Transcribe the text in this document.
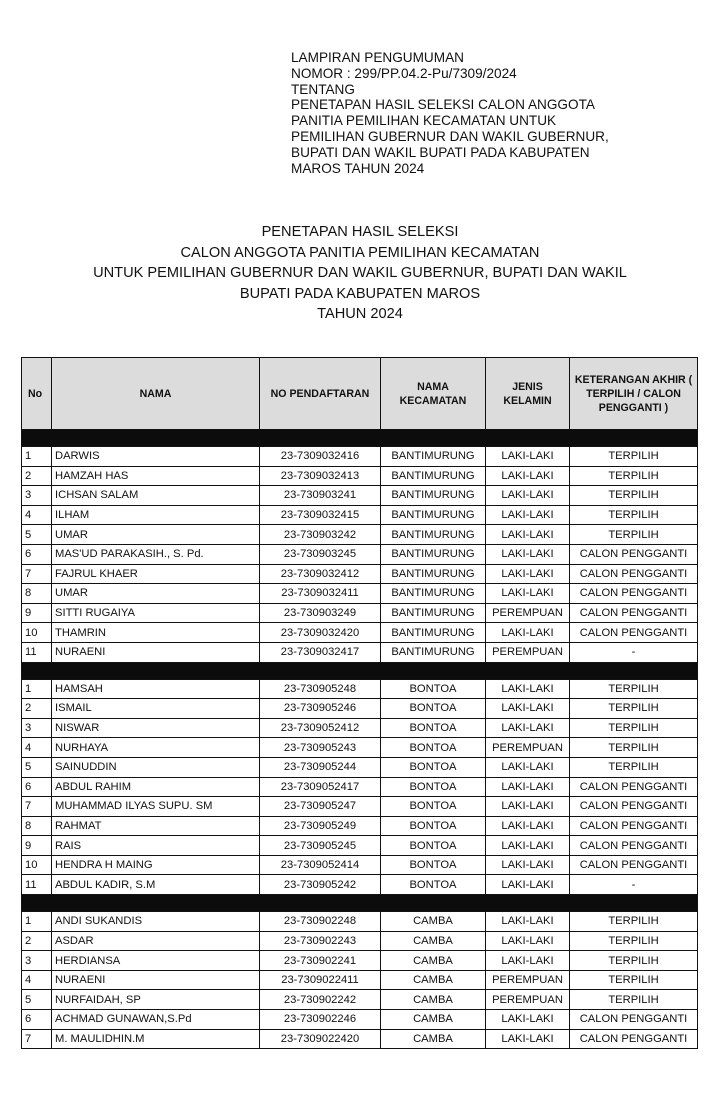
LAMPIRAN PENGUMUMAN
NOMOR : 299/PP.04.2-Pu/7309/2024
TENTANG
PENETAPAN HASIL SELEKSI CALON ANGGOTA
PANITIA PEMILIHAN KECAMATAN UNTUK
PEMILIHAN GUBERNUR DAN WAKIL GUBERNUR,
BUPATI DAN WAKIL BUPATI PADA KABUPATEN
MAROS TAHUN 2024
PENETAPAN HASIL SELEKSI
CALON ANGGOTA PANITIA PEMILIHAN KECAMATAN
UNTUK PEMILIHAN GUBERNUR DAN WAKIL GUBERNUR, BUPATI DAN WAKIL
BUPATI PADA KABUPATEN MAROS
TAHUN 2024
No	NAMA	NO PENDAFTARAN	NAMA KECAMATAN	JENIS KELAMIN	KETERANGAN AKHIR ( TERPILIH / CALON PENGGANTI )

1	DARWIS	23-7309032416	BANTIMURUNG	LAKI-LAKI	TERPILIH
2	HAMZAH HAS	23-7309032413	BANTIMURUNG	LAKI-LAKI	TERPILIH
3	ICHSAN SALAM	23-730903241	BANTIMURUNG	LAKI-LAKI	TERPILIH
4	ILHAM	23-7309032415	BANTIMURUNG	LAKI-LAKI	TERPILIH
5	UMAR	23-730903242	BANTIMURUNG	LAKI-LAKI	TERPILIH
6	MAS'UD PARAKASIH., S. Pd.	23-730903245	BANTIMURUNG	LAKI-LAKI	CALON PENGGANTI
7	FAJRUL KHAER	23-7309032412	BANTIMURUNG	LAKI-LAKI	CALON PENGGANTI
8	UMAR	23-7309032411	BANTIMURUNG	LAKI-LAKI	CALON PENGGANTI
9	SITTI RUGAIYA	23-730903249	BANTIMURUNG	PEREMPUAN	CALON PENGGANTI
10	THAMRIN	23-7309032420	BANTIMURUNG	LAKI-LAKI	CALON PENGGANTI
11	NURAENI	23-7309032417	BANTIMURUNG	PEREMPUAN	-

1	HAMSAH	23-730905248	BONTOA	LAKI-LAKI	TERPILIH
2	ISMAIL	23-730905246	BONTOA	LAKI-LAKI	TERPILIH
3	NISWAR	23-7309052412	BONTOA	LAKI-LAKI	TERPILIH
4	NURHAYA	23-730905243	BONTOA	PEREMPUAN	TERPILIH
5	SAINUDDIN	23-730905244	BONTOA	LAKI-LAKI	TERPILIH
6	ABDUL RAHIM	23-7309052417	BONTOA	LAKI-LAKI	CALON PENGGANTI
7	MUHAMMAD ILYAS SUPU. SM	23-730905247	BONTOA	LAKI-LAKI	CALON PENGGANTI
8	RAHMAT	23-730905249	BONTOA	LAKI-LAKI	CALON PENGGANTI
9	RAIS	23-730905245	BONTOA	LAKI-LAKI	CALON PENGGANTI
10	HENDRA H MAING	23-7309052414	BONTOA	LAKI-LAKI	CALON PENGGANTI
11	ABDUL KADIR, S.M	23-730905242	BONTOA	LAKI-LAKI	-

1	ANDI SUKANDIS	23-730902248	CAMBA	LAKI-LAKI	TERPILIH
2	ASDAR	23-730902243	CAMBA	LAKI-LAKI	TERPILIH
3	HERDIANSA	23-730902241	CAMBA	LAKI-LAKI	TERPILIH
4	NURAENI	23-7309022411	CAMBA	PEREMPUAN	TERPILIH
5	NURFAIDAH, SP	23-730902242	CAMBA	PEREMPUAN	TERPILIH
6	ACHMAD GUNAWAN,S.Pd	23-730902246	CAMBA	LAKI-LAKI	CALON PENGGANTI
7	M. MAULIDHIN.M	23-7309022420	CAMBA	LAKI-LAKI	CALON PENGGANTI
